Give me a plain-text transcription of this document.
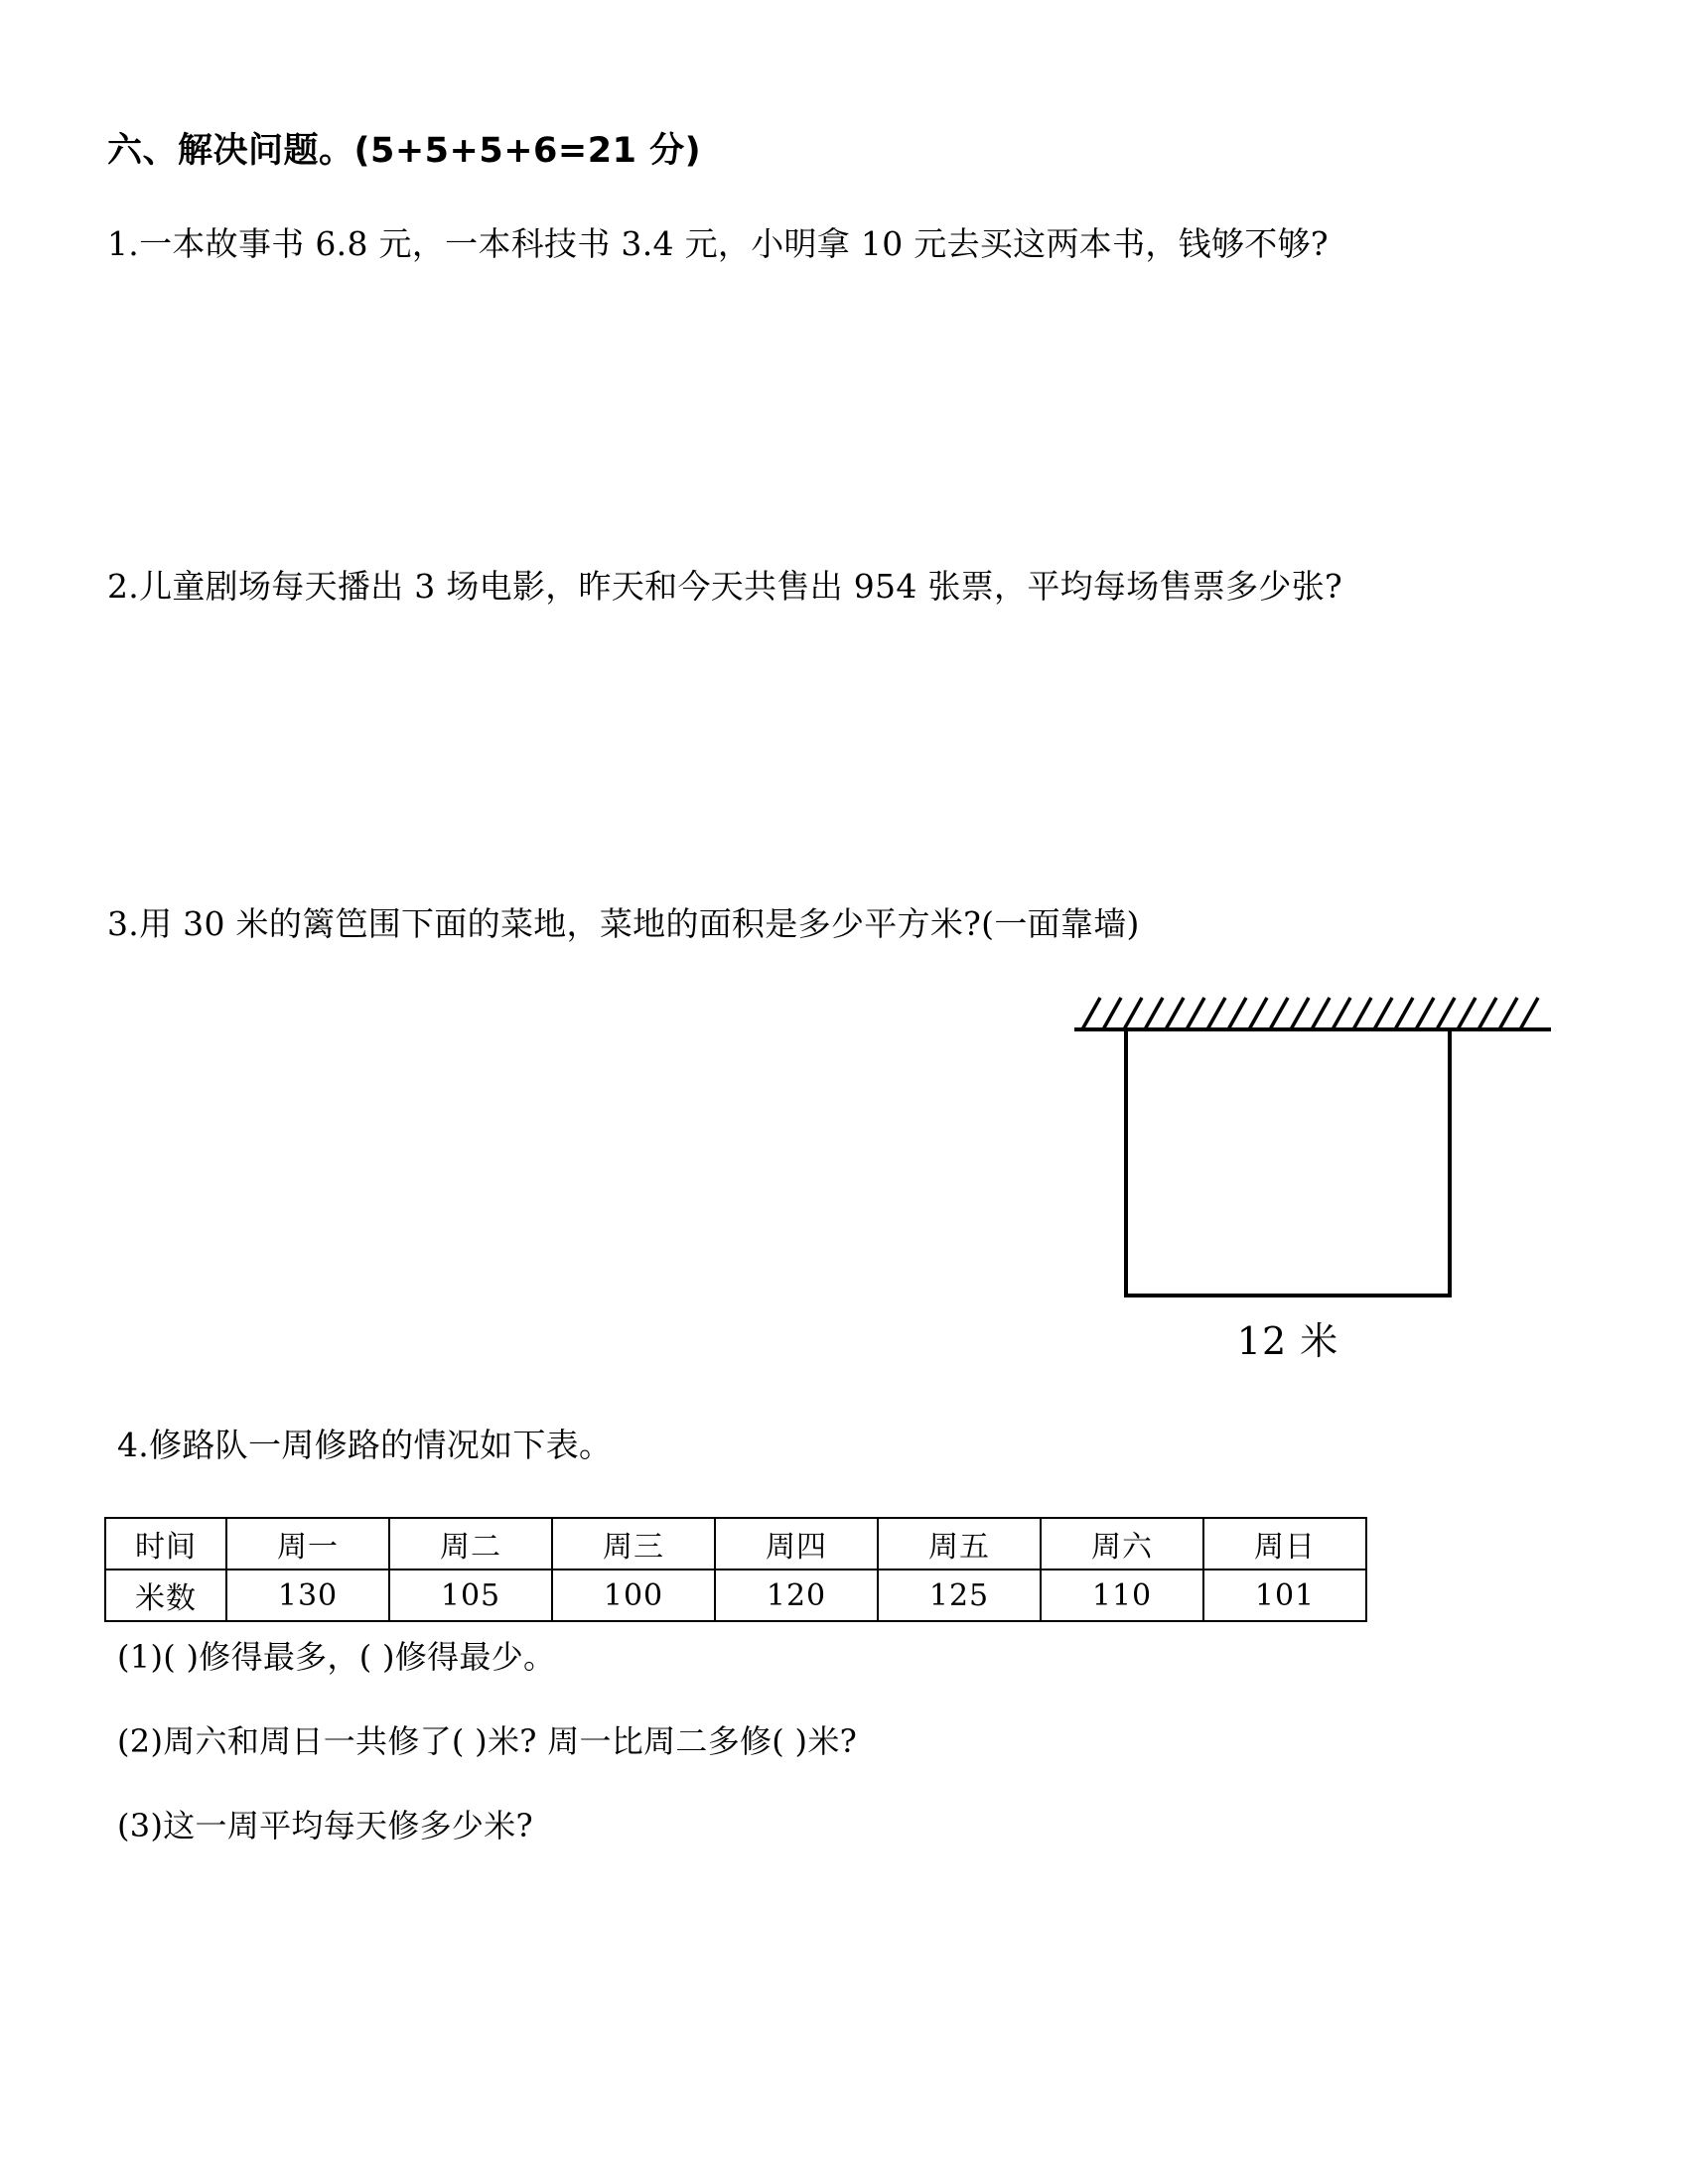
六、解决问题。(5+5+5+6=21 分)
1.一本故事书 6.8 元，一本科技书 3.4 元，小明拿 10 元去买这两本书，钱够不够?
2.儿童剧场每天播出 3 场电影，昨天和今天共售出 954 张票，平均每场售票多少张?
3.用 30 米的篱笆围下面的菜地，菜地的面积是多少平方米?(一面靠墙)
12 米
4.修路队一周修路的情况如下表。
时间	周一	周二	周三	周四	周五	周六	周日
米数	130	105	100	120	125	110	101
(1)( )修得最多，( )修得最少。
(2)周六和周日一共修了( )米? 周一比周二多修( )米?
(3)这一周平均每天修多少米?
